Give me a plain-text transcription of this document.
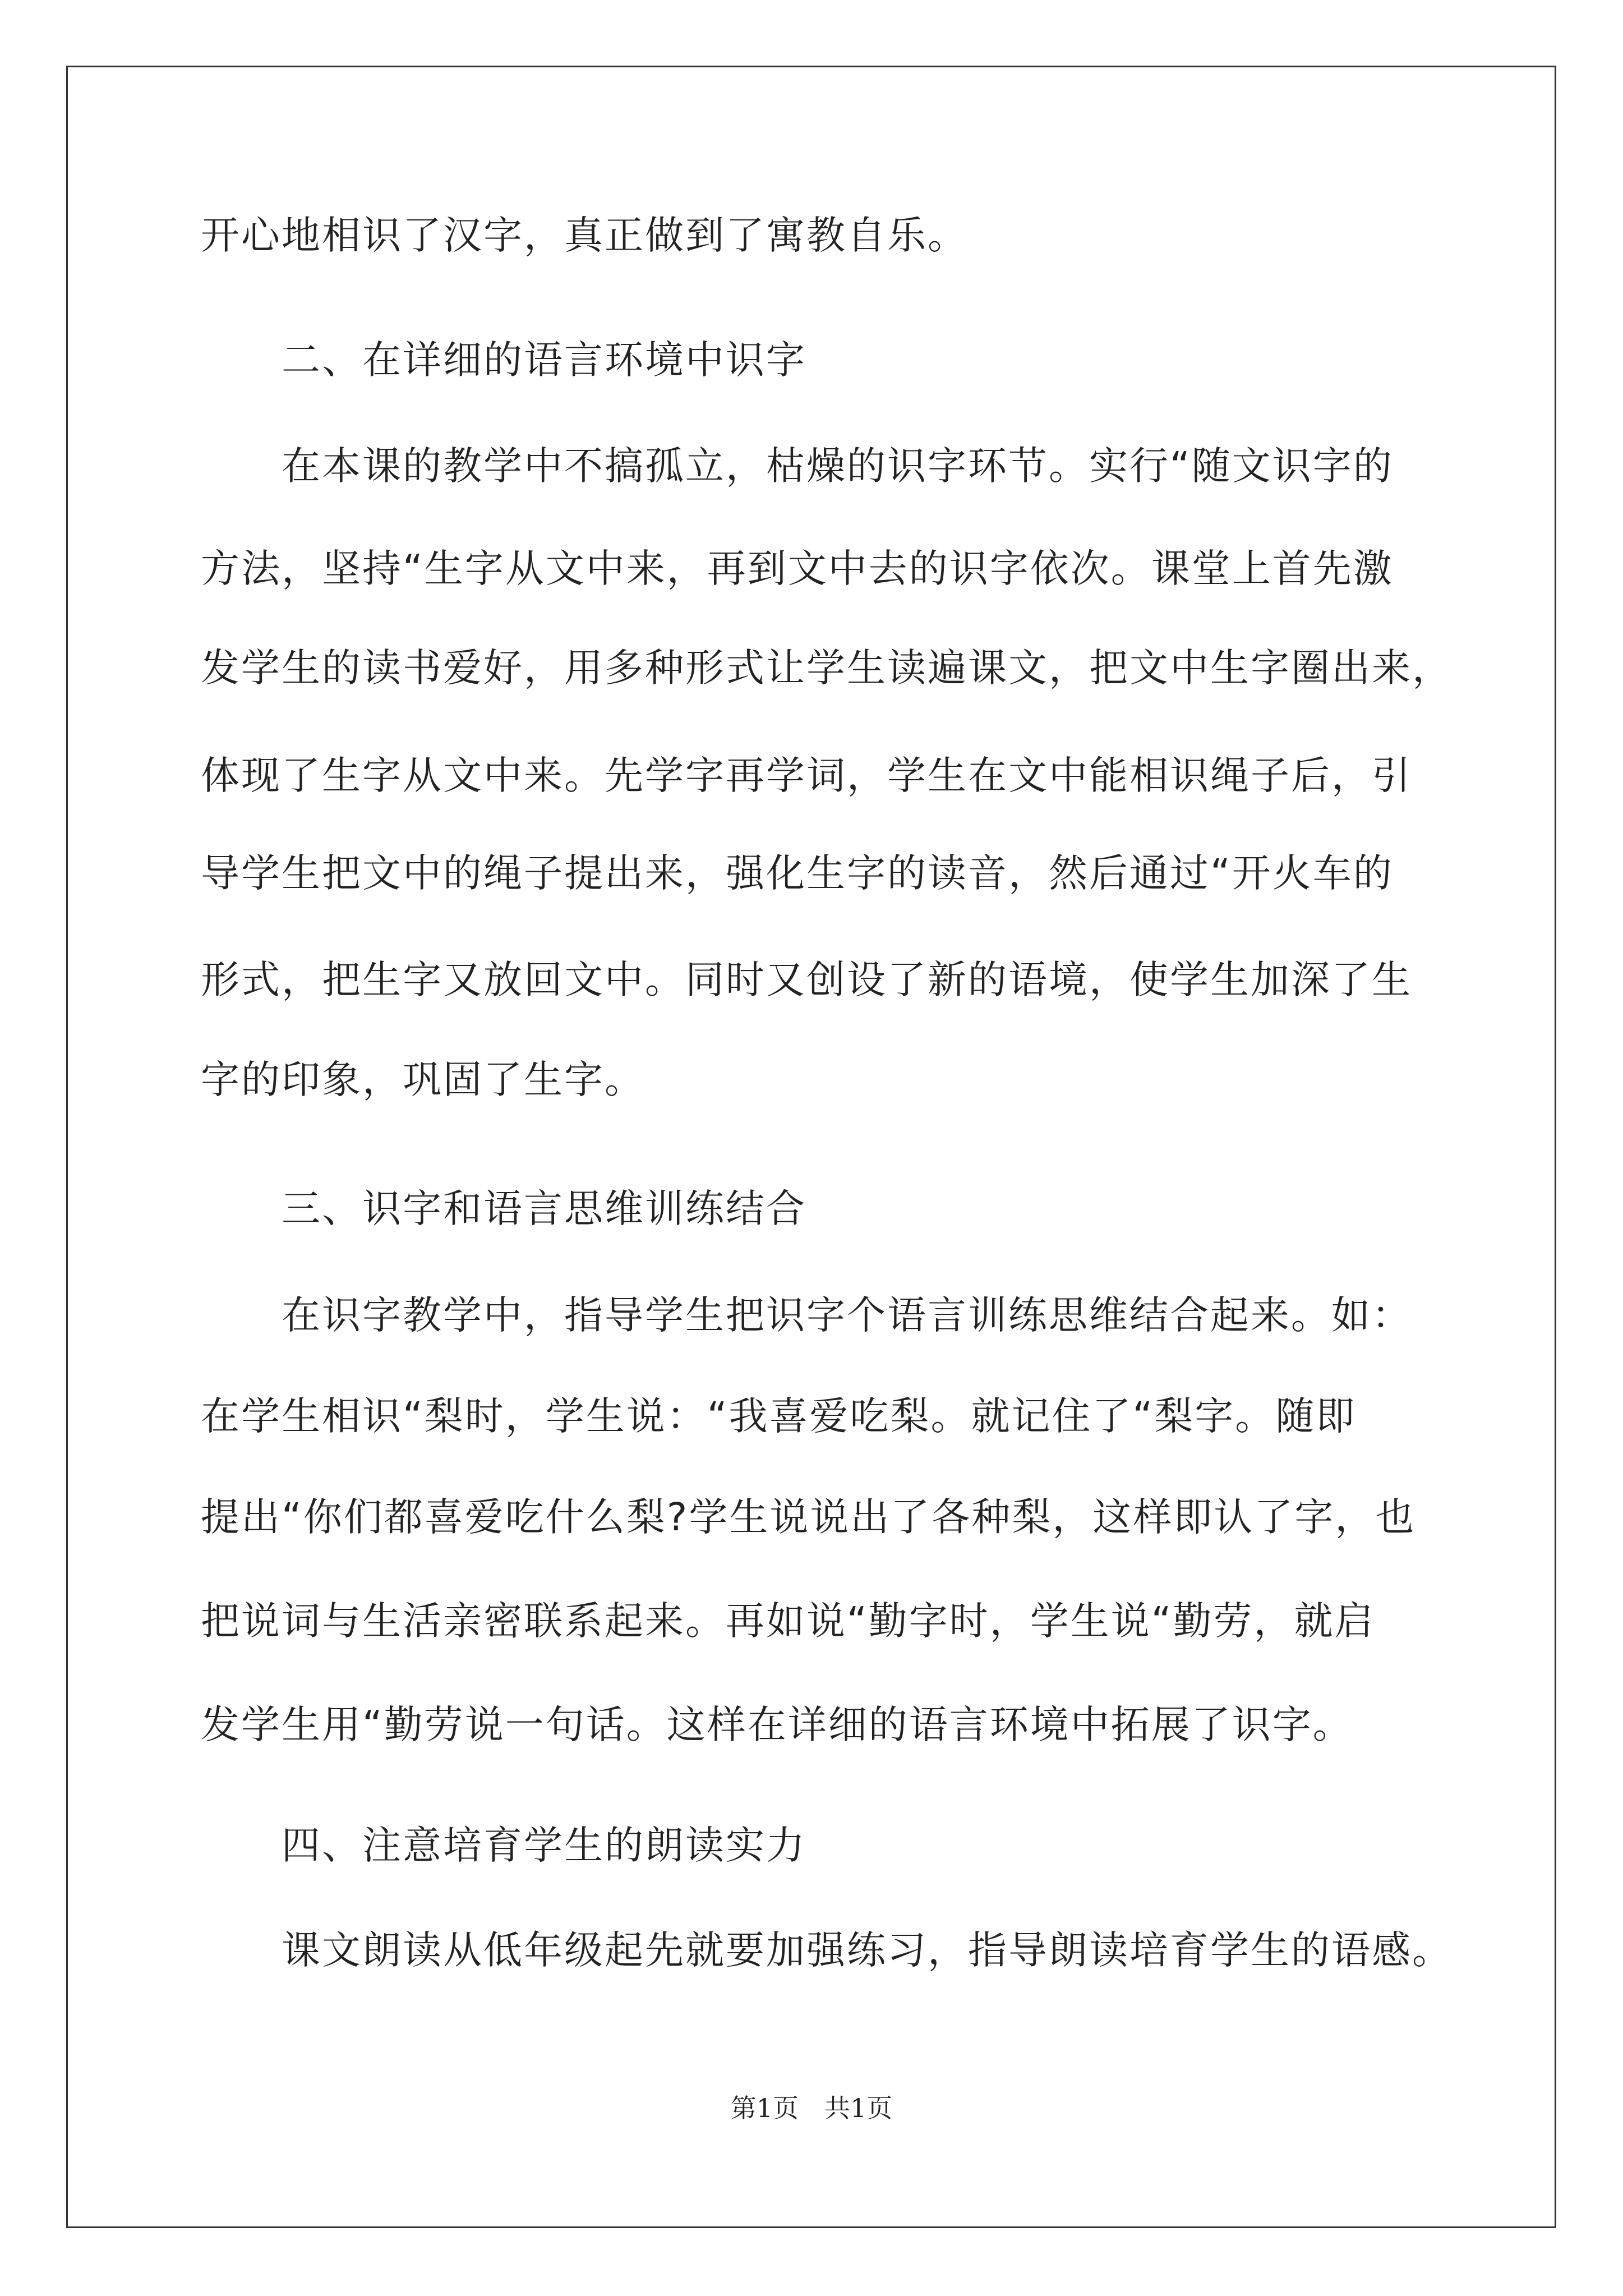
开心地相识了汉字，真正做到了寓教自乐。
二、在详细的语言环境中识字
在本课的教学中不搞孤立，枯燥的识字环节。实行“随文识字的
方法，坚持“生字从文中来，再到文中去的识字依次。课堂上首先激
发学生的读书爱好，用多种形式让学生读遍课文，把文中生字圈出来，
体现了生字从文中来。先学字再学词，学生在文中能相识绳子后，引
导学生把文中的绳子提出来，强化生字的读音，然后通过“开火车的
形式，把生字又放回文中。同时又创设了新的语境，使学生加深了生
字的印象，巩固了生字。
三、识字和语言思维训练结合
在识字教学中，指导学生把识字个语言训练思维结合起来。如：
在学生相识“梨时，学生说：“我喜爱吃梨。就记住了“梨字。随即
提出“你们都喜爱吃什么梨?学生说说出了各种梨，这样即认了字，也
把说词与生活亲密联系起来。再如说“勤字时，学生说“勤劳，就启
发学生用“勤劳说一句话。这样在详细的语言环境中拓展了识字。
四、注意培育学生的朗读实力
课文朗读从低年级起先就要加强练习，指导朗读培育学生的语感。
第1页　共1页
